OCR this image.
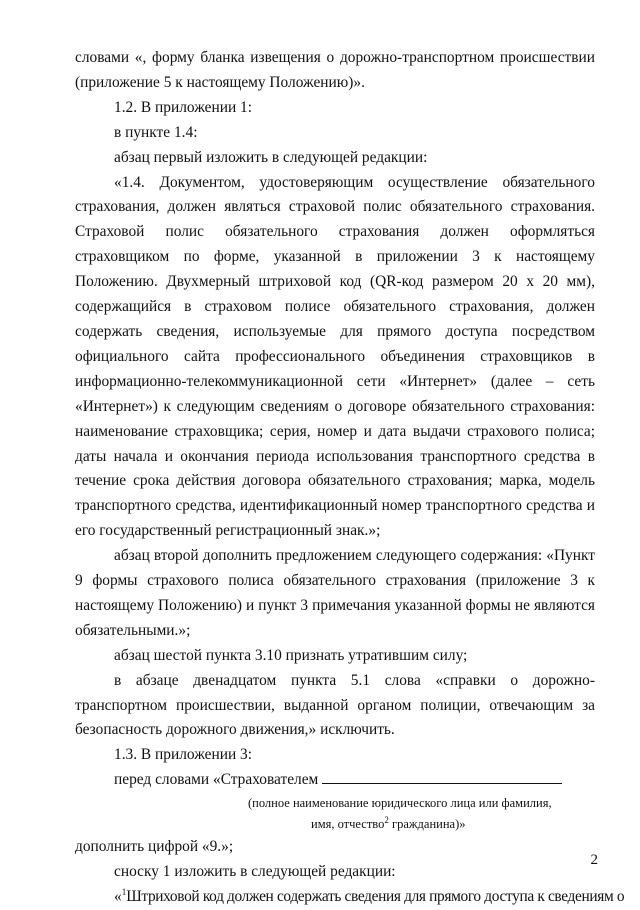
словами «, форму бланка извещения о дорожно-транспортном происшествии (приложение 5 к настоящему Положению)».

1.2. В приложении 1:

в пункте 1.4:

абзац первый изложить в следующей редакции:

«1.4. Документом, удостоверяющим осуществление обязательного страхования, должен являться страховой полис обязательного страхования. Страховой полис обязательного страхования должен оформляться страховщиком по форме, указанной в приложении 3 к настоящему Положению. Двухмерный штриховой код (QR-код размером 20 х 20 мм), содержащийся в страховом полисе обязательного страхования, должен содержать сведения, используемые для прямого доступа посредством официального сайта профессионального объединения страховщиков в информационно-телекоммуникационной сети «Интернет» (далее – сеть «Интернет») к следующим сведениям о договоре обязательного страхования: наименование страховщика; серия, номер и дата выдачи страхового полиса; даты начала и окончания периода использования транспортного средства в течение срока действия договора обязательного страхования; марка, модель транспортного средства, идентификационный номер транспортного средства и его государственный регистрационный знак.»;

абзац второй дополнить предложением следующего содержания: «Пункт 9 формы страхового полиса обязательного страхования (приложение 3 к настоящему Положению) и пункт 3 примечания указанной формы не являются обязательными.»;

абзац шестой пункта 3.10 признать утратившим силу;

в абзаце двенадцатом пункта 5.1 слова «справки о дорожно-транспортном происшествии, выданной органом полиции, отвечающим за безопасность дорожного движения,» исключить.

1.3. В приложении 3:

перед словами «Страхователем

(полное наименование юридического лица или фамилия,
имя, отчество$^2$ гражданина)»

дополнить цифрой «9.»;

сноску 1 изложить в следующей редакции:

«$^1$Штриховой код должен содержать сведения для прямого доступа к сведениям о

2
